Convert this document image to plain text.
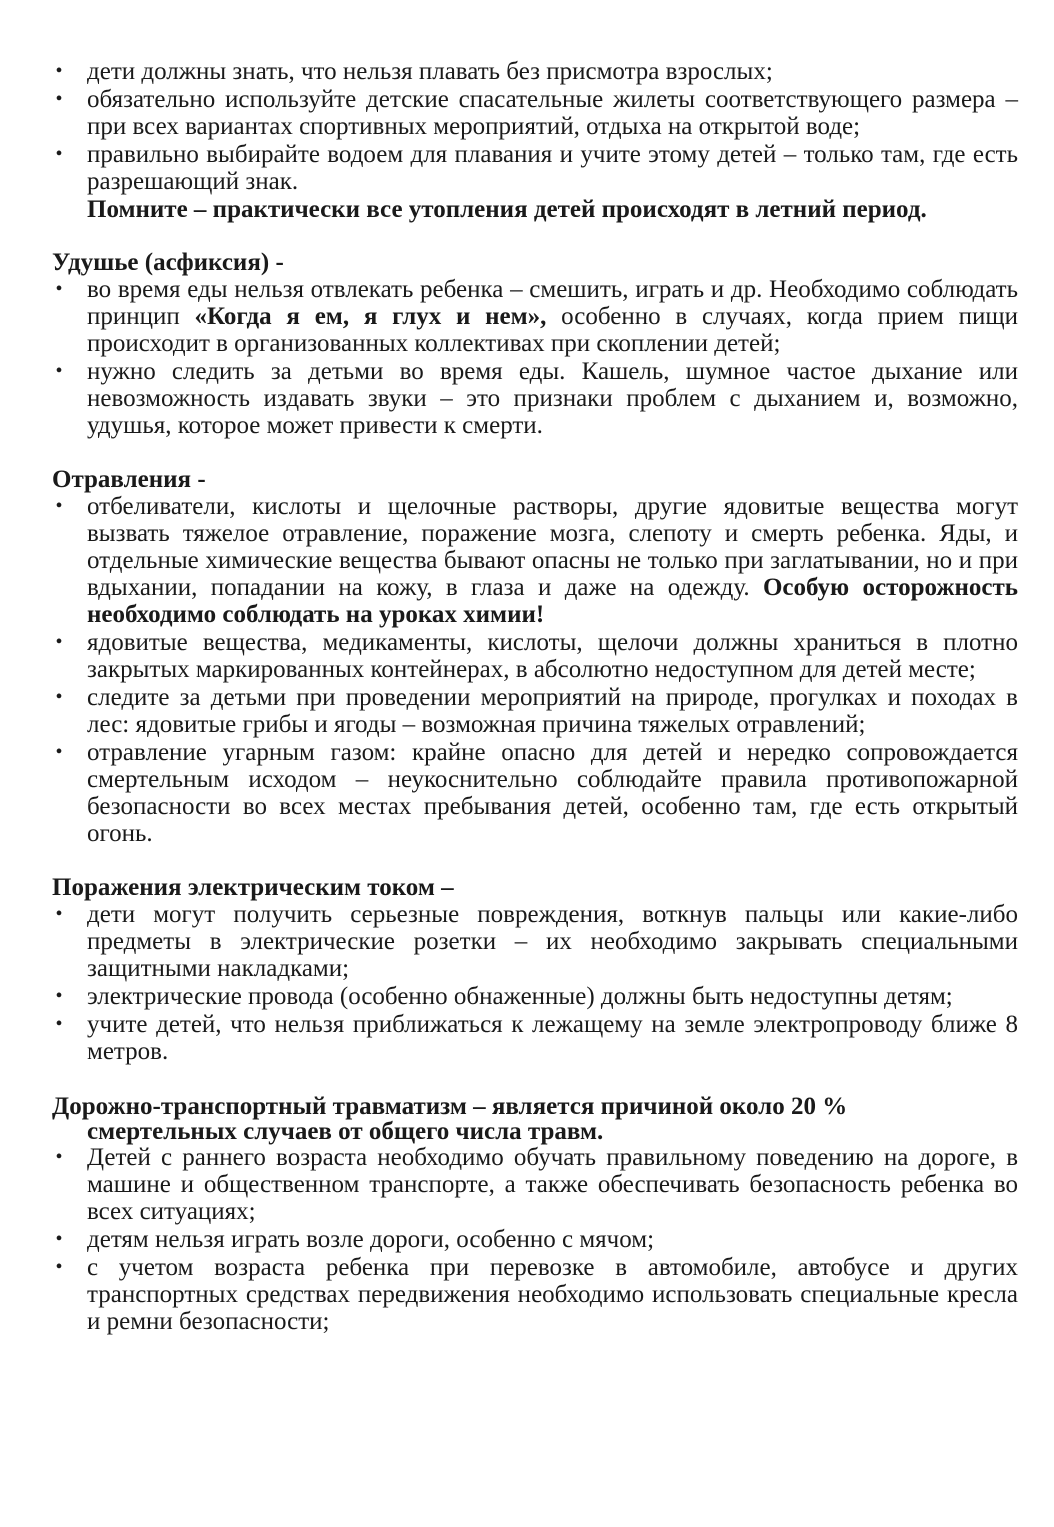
• дети должны знать, что нельзя плавать без присмотра взрослых;
• обязательно используйте детские спасательные жилеты соответствующего размера – при всех вариантах спортивных мероприятий, отдыха на открытой воде;
• правильно выбирайте водоем для плавания и учите этому детей – только там, где есть разрешающий знак.

Помните – практически все утопления детей происходят в летний период.

Удушье (асфиксия) -
• во время еды нельзя отвлекать ребенка – смешить, играть и др. Необходимо соблюдать принцип «Когда я ем, я глух и нем», особенно в случаях, когда прием пищи происходит в организованных коллективах при скоплении детей;
• нужно следить за детьми во время еды. Кашель, шумное частое дыхание или невозможность издавать звуки – это признаки проблем с дыханием и, возможно, удушья, которое может привести к смерти.
Отравления -
• отбеливатели, кислоты и щелочные растворы, другие ядовитые вещества могут вызвать тяжелое отравление, поражение мозга, слепоту и смерть ребенка. Яды, и отдельные химические вещества бывают опасны не только при заглатывании, но и при вдыхании, попадании на кожу, в глаза и даже на одежду. Особую осторожность необходимо соблюдать на уроках химии!
• ядовитые вещества, медикаменты, кислоты, щелочи должны храниться в плотно закрытых маркированных контейнерах, в абсолютно недоступном для детей месте;
• следите за детьми при проведении мероприятий на природе, прогулках и походах в лес: ядовитые грибы и ягоды – возможная причина тяжелых отравлений;
• отравление угарным газом: крайне опасно для детей и нередко сопровождается смертельным исходом – неукоснительно соблюдайте правила противопожарной безопасности во всех местах пребывания детей, особенно там, где есть открытый огонь.
Поражения электрическим током –
• дети могут получить серьезные повреждения, воткнув пальцы или какие-либо предметы в электрические розетки – их необходимо закрывать специальными защитными накладками;
• электрические провода (особенно обнаженные) должны быть недоступны детям;
• учите детей, что нельзя приближаться к лежащему на земле электропроводу ближе 8 метров.
Дорожно-транспортный травматизм – является причиной около 20 %
смертельных случаев от общего числа травм.
• Детей с раннего возраста необходимо обучать правильному поведению на дороге, в машине и общественном транспорте, а также обеспечивать безопасность ребенка во всех ситуациях;
• детям нельзя играть возле дороги, особенно с мячом;
• с учетом возраста ребенка при перевозке в автомобиле, автобусе и других транспортных средствах передвижения необходимо использовать специальные кресла и ремни безопасности;
